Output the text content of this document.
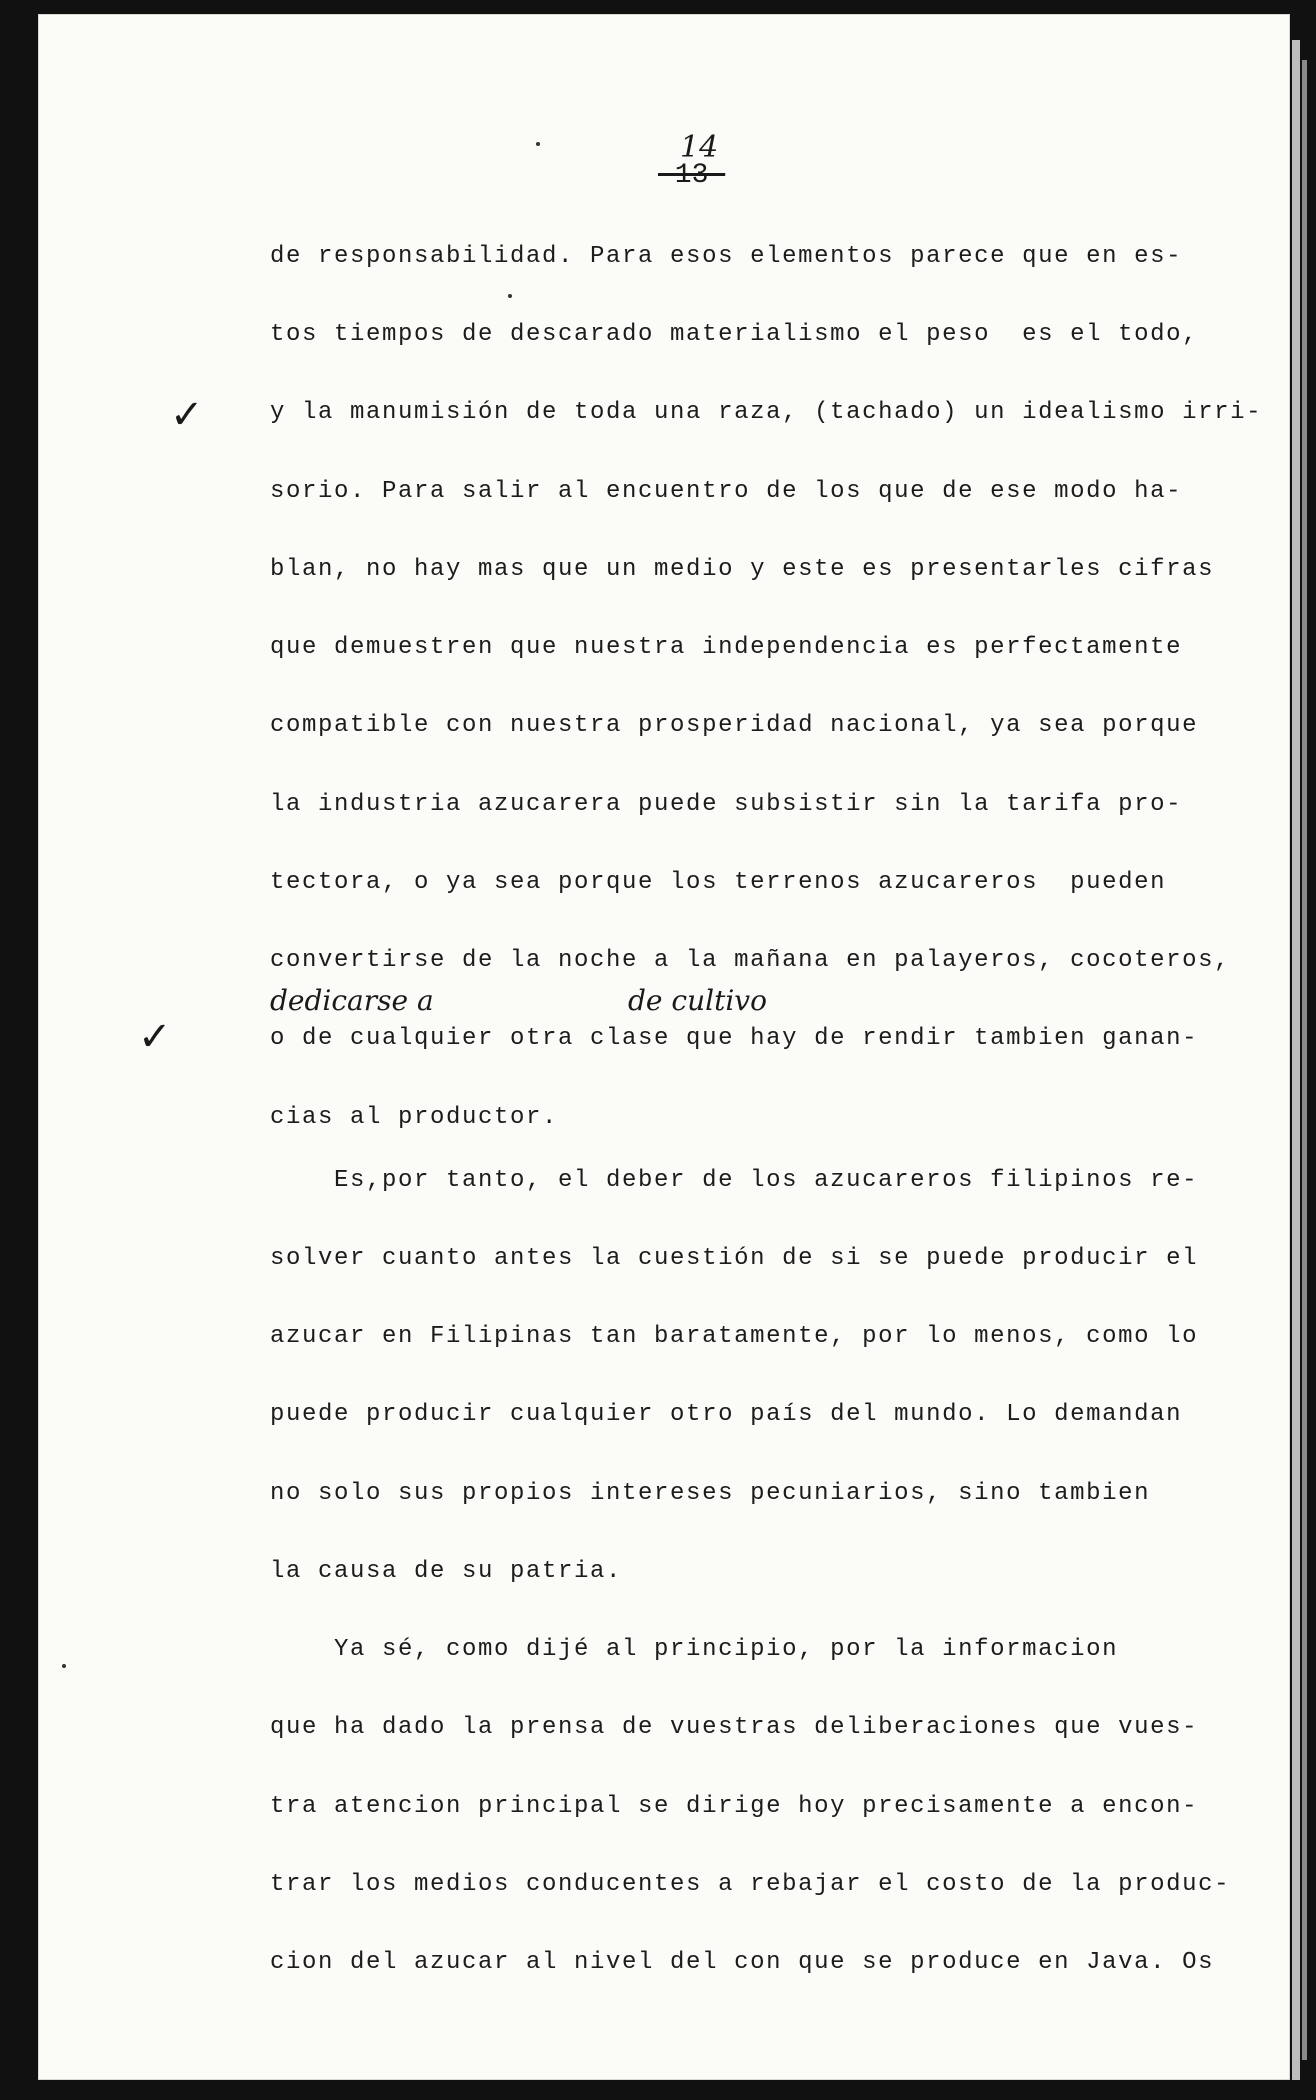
-13-
14
de responsabilidad. Para esos elementos parece que en es-
tos tiempos de descarado materialismo el peso  es el todo,
y la manumisión de toda una raza, (tachado) un idealismo irri-
sorio. Para salir al encuentro de los que de ese modo ha-
blan, no hay mas que un medio y este es presentarles cifras
que demuestren que nuestra independencia es perfectamente
compatible con nuestra prosperidad nacional, ya sea porque
la industria azucarera puede subsistir sin la tarifa pro-
tectora, o ya sea porque los terrenos azucareros  pueden
convertirse de la noche a la mañana en palayeros, cocoteros,
o de cualquier otra clase que hay de rendir tambien ganan-
cias al productor.
Es,por tanto, el deber de los azucareros filipinos re-
solver cuanto antes la cuestión de si se puede producir el
azucar en Filipinas tan baratamente, por lo menos, como lo
puede producir cualquier otro país del mundo. Lo demandan
no solo sus propios intereses pecuniarios, sino tambien
la causa de su patria.
Ya sé, como dijé al principio, por la informacion
que ha dado la prensa de vuestras deliberaciones que vues-
tra atencion principal se dirige hoy precisamente a encon-
trar los medios conducentes a rebajar el costo de la produc-
cion del azucar al nivel del con que se produce en Java. Os
dedicarse a	de cultivo
✓
✓
